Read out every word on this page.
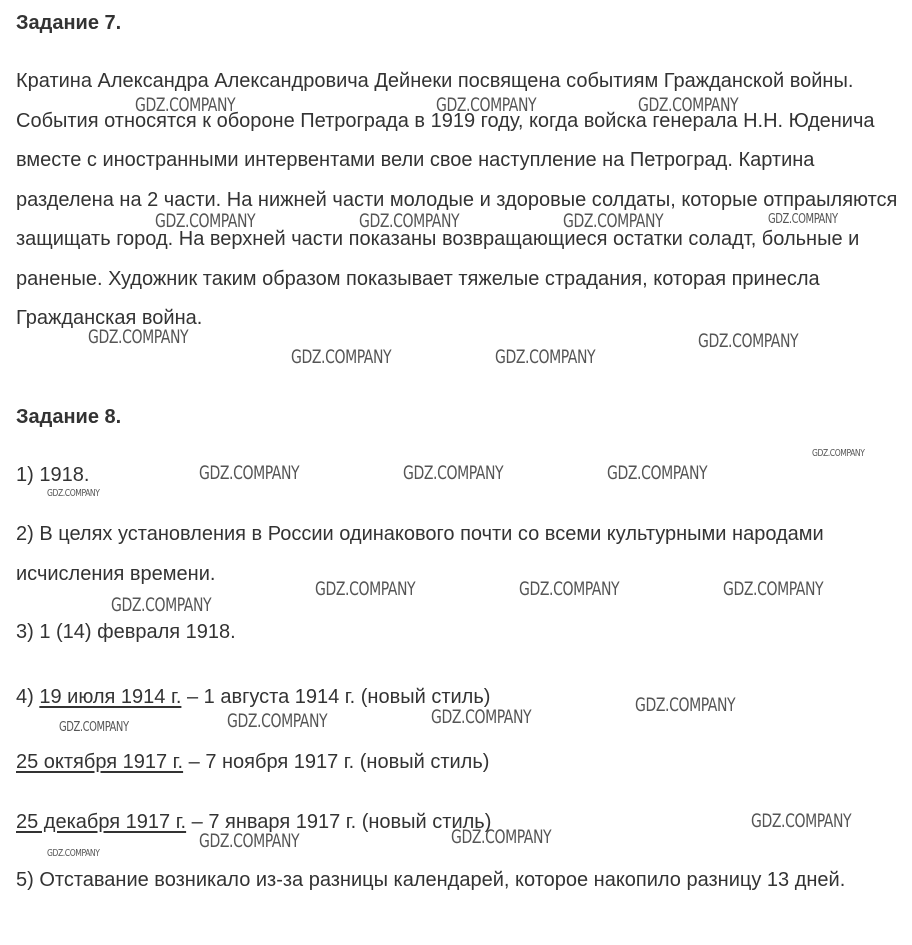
Задание 7.

Кратина Александра Александровича Дейнеки посвящена событиям Гражданской войны. События относятся к обороне Петрограда в 1919 году, когда войска генерала Н.Н. Юденича вместе с иностранными интервентами вели свое наступление на Петроград. Картина разделена на 2 части. На нижней части молодые и здоровые солдаты, которые отпраыляются защищать город. На верхней части показаны возвращающиеся остатки соладт, больные и раненые. Художник таким образом показывает тяжелые страдания, которая принесла Гражданская война.

Задание 8.

1) 1918.

2) В целях установления в России одинакового почти со всеми культурными народами исчисления времени.

3) 1 (14) февраля 1918.

4) 19 июля 1914 г. – 1 августа 1914 г. (новый стиль)

25 октября 1917 г. – 7 ноября 1917 г. (новый стиль)

25 декабря 1917 г. – 7 января 1917 г. (новый стиль)

5) Отставание возникало из-за разницы календарей, которое накопило разницу 13 дней.

GDZ.COMPANY	GDZ.COMPANY	GDZ.COMPANY
GDZ.COMPANY	GDZ.COMPANY	GDZ.COMPANY	GDZ.COMPANY
GDZ.COMPANY	GDZ.COMPANY
GDZ.COMPANY	GDZ.COMPANY
GDZ.COMPANY
GDZ.COMPANY	GDZ.COMPANY	GDZ.COMPANY
GDZ.COMPANY
GDZ.COMPANY	GDZ.COMPANY	GDZ.COMPANY
GDZ.COMPANY
GDZ.COMPANY
GDZ.COMPANY
GDZ.COMPANY
GDZ.COMPANY
GDZ.COMPANY
GDZ.COMPANY
GDZ.COMPANY
GDZ.COMPANY
